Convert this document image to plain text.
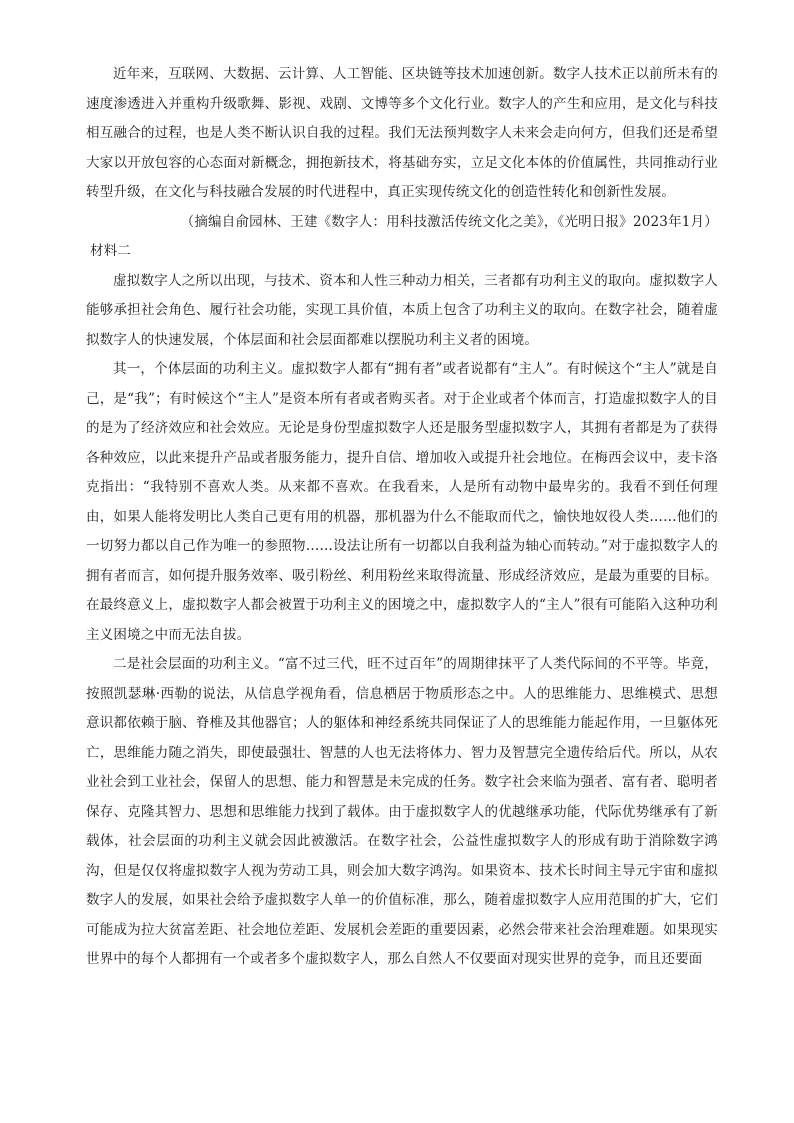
近年来，互联网、大数据、云计算、人工智能、区块链等技术加速创新。数字人技术正以前所未有的速度渗透进入并重构升级歌舞、影视、戏剧、文博等多个文化行业。数字人的产生和应用，是文化与科技相互融合的过程，也是人类不断认识自我的过程。我们无法预判数字人未来会走向何方，但我们还是希望大家以开放包容的心态面对新概念，拥抱新技术，将基础夯实，立足文化本体的价值属性，共同推动行业转型升级，在文化与科技融合发展的时代进程中，真正实现传统文化的创造性转化和创新性发展。

（摘编自俞园林、王建《数字人：用科技激活传统文化之美》，《光明日报》2023年1月）

材料二

虚拟数字人之所以出现，与技术、资本和人性三种动力相关，三者都有功利主义的取向。虚拟数字人能够承担社会角色、履行社会功能，实现工具价值，本质上包含了功利主义的取向。在数字社会，随着虚拟数字人的快速发展，个体层面和社会层面都难以摆脱功利主义者的困境。

其一，个体层面的功利主义。虚拟数字人都有“拥有者”或者说都有“主人”。有时候这个“主人”就是自己，是“我”；有时候这个“主人”是资本所有者或者购买者。对于企业或者个体而言，打造虚拟数字人的目的是为了经济效应和社会效应。无论是身份型虚拟数字人还是服务型虚拟数字人，其拥有者都是为了获得各种效应，以此来提升产品或者服务能力，提升自信、增加收入或提升社会地位。在梅西会议中，麦卡洛克指出：“我特别不喜欢人类。从来都不喜欢。在我看来，人是所有动物中最卑劣的。我看不到任何理由，如果人能将发明比人类自己更有用的机器，那机器为什么不能取而代之，愉快地奴役人类……他们的一切努力都以自己作为唯一的参照物……设法让所有一切都以自我利益为轴心而转动。”对于虚拟数字人的拥有者而言，如何提升服务效率、吸引粉丝、利用粉丝来取得流量、形成经济效应，是最为重要的目标。在最终意义上，虚拟数字人都会被置于功利主义的困境之中，虚拟数字人的“主人”很有可能陷入这种功利主义困境之中而无法自拔。

二是社会层面的功利主义。“富不过三代，旺不过百年”的周期律抹平了人类代际间的不平等。毕竟，按照凯瑟琳·西勒的说法，从信息学视角看，信息栖居于物质形态之中。人的思维能力、思维模式、思想意识都依赖于脑、脊椎及其他器官；人的躯体和神经系统共同保证了人的思维能力能起作用，一旦躯体死亡，思维能力随之消失，即使最强壮、智慧的人也无法将体力、智力及智慧完全遗传给后代。所以，从农业社会到工业社会，保留人的思想、能力和智慧是未完成的任务。数字社会来临为强者、富有者、聪明者保存、克隆其智力、思想和思维能力找到了载体。由于虚拟数字人的优越继承功能，代际优势继承有了新载体，社会层面的功利主义就会因此被激活。在数字社会，公益性虚拟数字人的形成有助于消除数字鸿沟，但是仅仅将虚拟数字人视为劳动工具，则会加大数字鸿沟。如果资本、技术长时间主导元宇宙和虚拟数字人的发展，如果社会给予虚拟数字人单一的价值标准，那么，随着虚拟数字人应用范围的扩大，它们可能成为拉大贫富差距、社会地位差距、发展机会差距的重要因素，必然会带来社会治理难题。如果现实世界中的每个人都拥有一个或者多个虚拟数字人，那么自然人不仅要面对现实世界的竞争，而且还要面
